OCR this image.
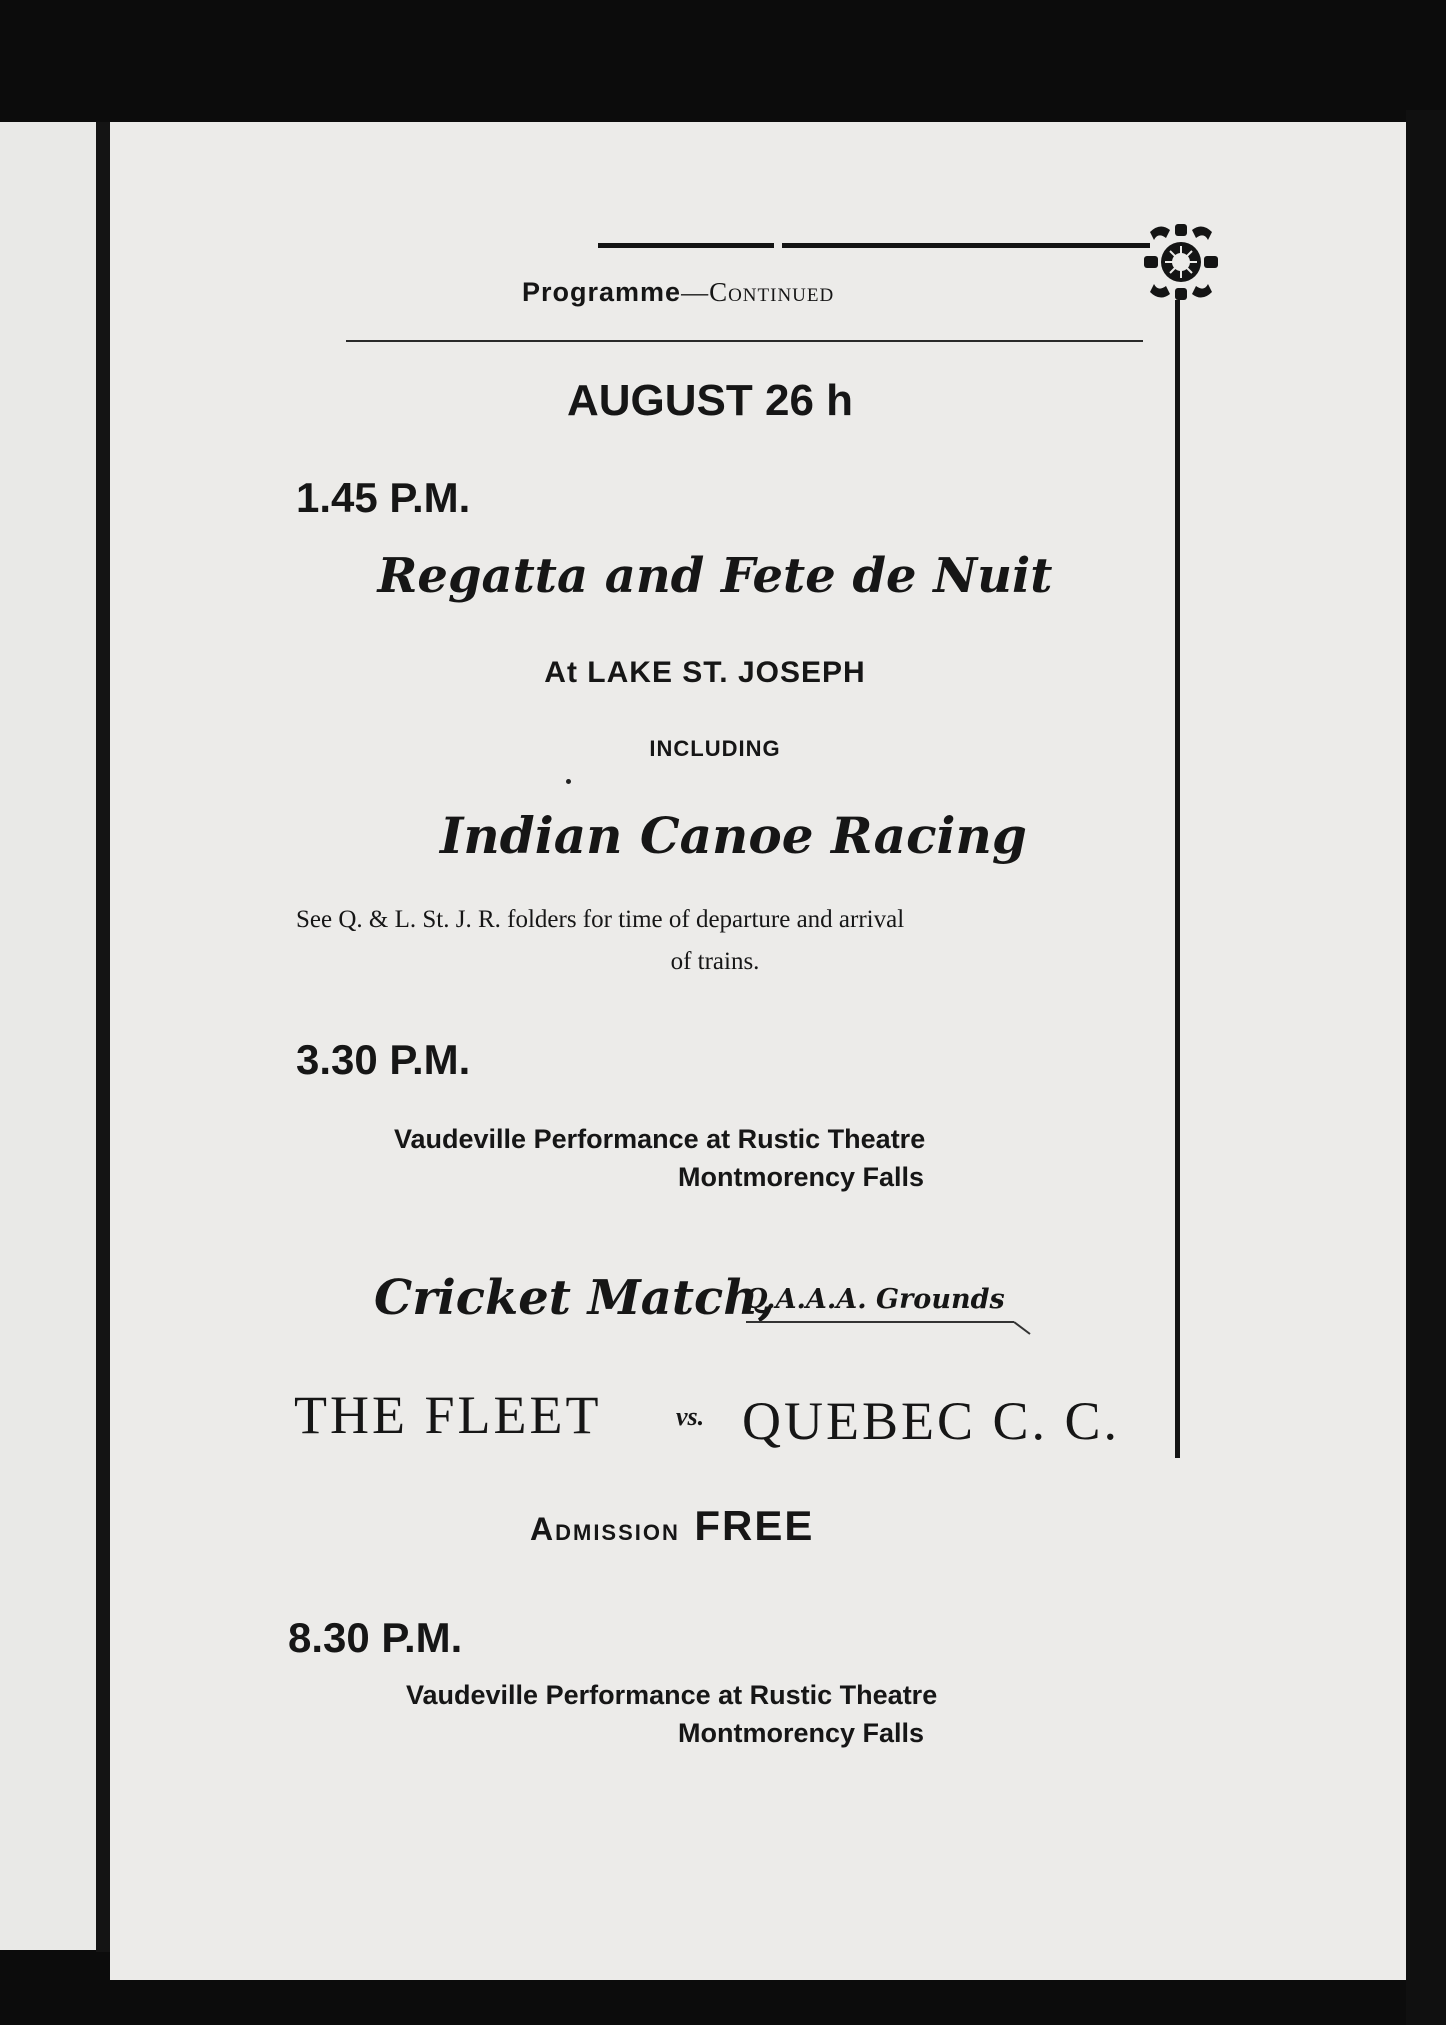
Programme—Continued
AUGUST 26 h
1.45 P.M.
Regatta and Fete de Nuit
At LAKE ST. JOSEPH
INCLUDING
Indian Canoe Racing
See Q. & L. St. J. R. folders for time of departure and arrival
of trains.
3.30 P.M.
Vaudeville Performance at Rustic Theatre
Montmorency Falls
Cricket Match,
Q.A.A.A. Grounds
THE FLEET	vs. QUEBEC C. C.
Admission FREE
8.30 P.M.
Vaudeville Performance at Rustic Theatre
Montmorency Falls
